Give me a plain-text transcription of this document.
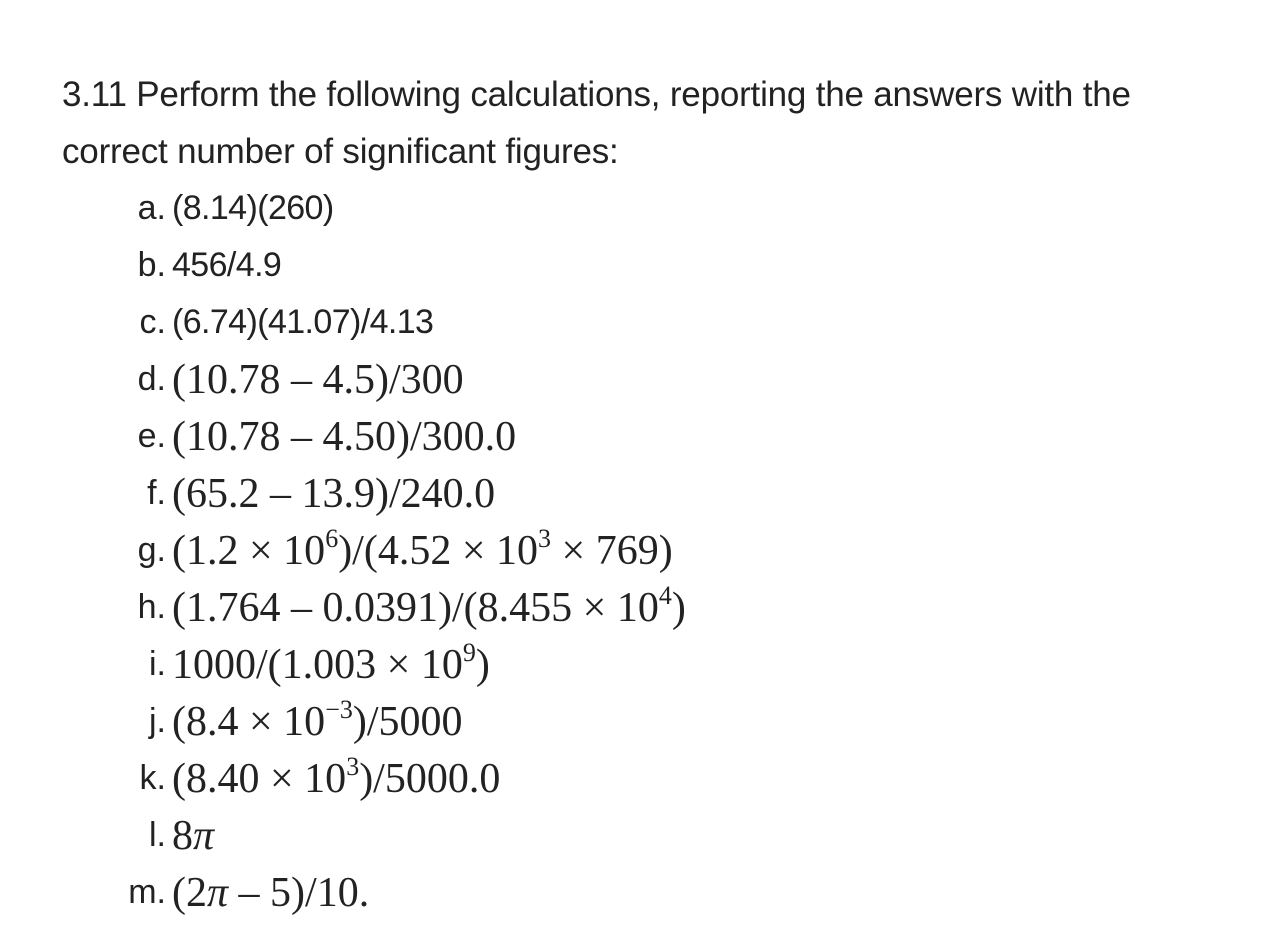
3.11 Perform the following calculations, reporting the answers with the
correct number of significant figures:

a. (8.14)(260)
b. 456/4.9
c. (6.74)(41.07)/4.13
d. (10.78 – 4.5)/300
e. (10.78 – 4.50)/300.0
f. (65.2 – 13.9)/240.0
g. $(1.2 \times 10^6)/(4.52 \times 10^3 \times 769)$
h. $(1.764 - 0.0391)/(8.455 \times 10^4)$
i. $1000/(1.003 \times 10^9)$
j. $(8.4 \times 10^{-3})/5000$
k. $(8.40 \times 10^3)/5000.0$
l. 8π
m. (2π – 5)/10.
